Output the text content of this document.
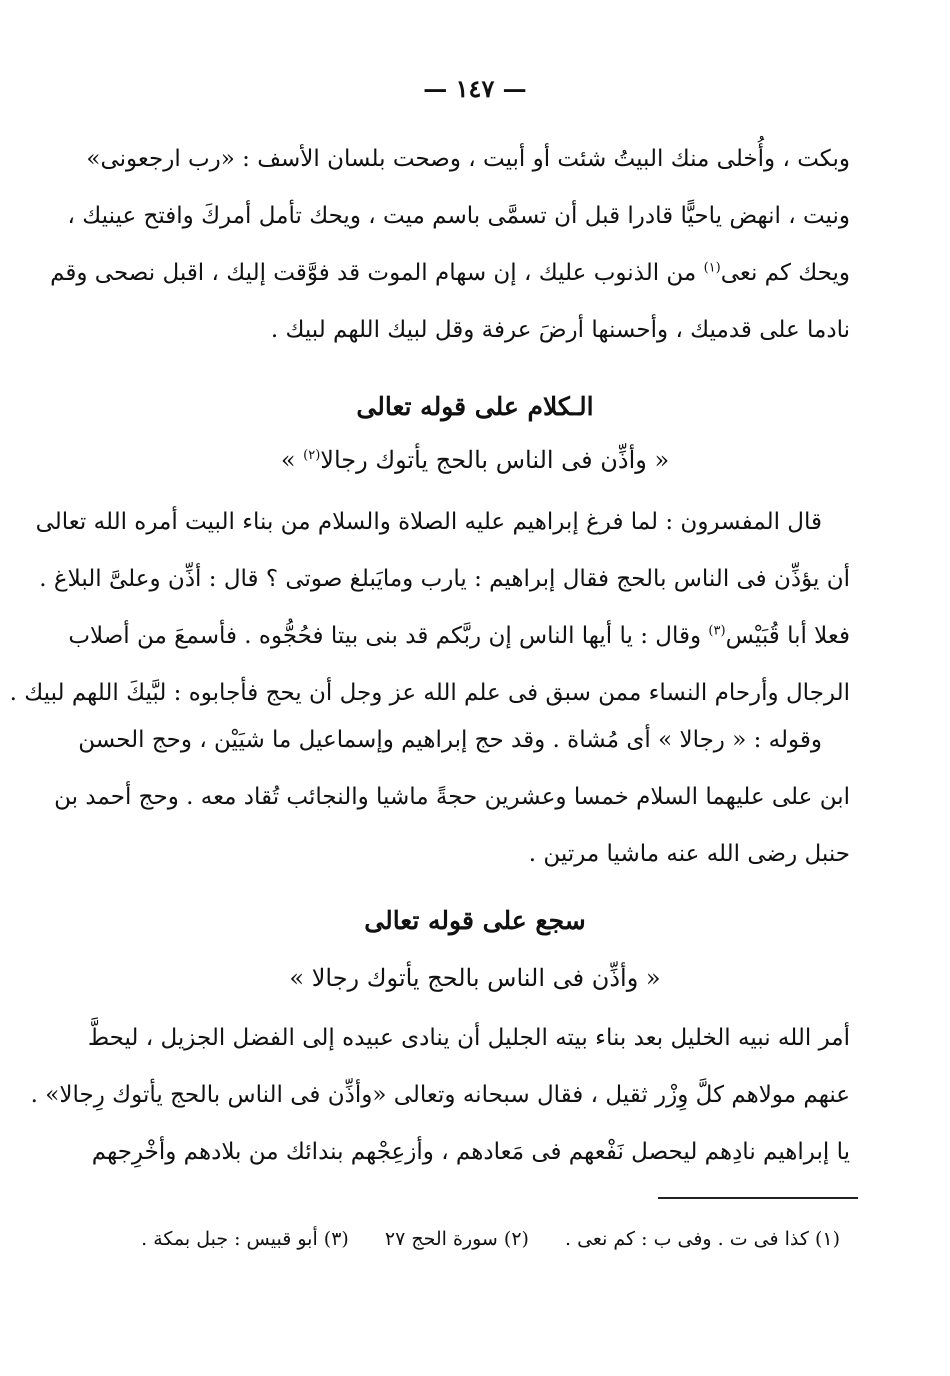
— ١٤٧ —
وبكت ، وأُخلى منك البيتُ شئت أو أبيت ، وصحت بلسان الأسف : «رب ارجعونى»
ونيت ، انهض ياحيًّا قادرا قبل أن تسمَّى باسم ميت ، ويحك تأمل أمركَ وافتح عينيك ،
ويحك كم نعى$^{(١)}$ من الذنوب عليك ، إن سهام الموت قد فوَّقت إليك ، اقبل نصحى وقم
نادما على قدميك ، وأحسنها أرضَ عرفة وقل لبيك اللهم لبيك .
الـكلام على قوله تعالى
« وأذِّن فى الناس بالحج يأتوك رجالا$^{(٢)}$ »
قال المفسرون : لما فرغ إبراهيم عليه الصلاة والسلام من بناء البيت أمره الله تعالى
أن يؤذِّن فى الناس بالحج فقال إبراهيم : يارب ومايَبلغ صوتى ؟ قال : أذِّن وعلىَّ البلاغ .
فعلا أبا قُبَيْس$^{(٣)}$ وقال : يا أيها الناس إن ربَّكم قد بنى بيتا فحُجُّوه . فأسمعَ من أصلاب
الرجال وأرحام النساء ممن سبق فى علم الله عز وجل أن يحج فأجابوه : لبَّيكَ اللهم لبيك .
وقوله : « رجالا » أى مُشاة . وقد حج إبراهيم وإسماعيل ما شيَيْن ، وحج الحسن
ابن على عليهما السلام خمسا وعشرين حجةً ماشيا والنجائب تُقاد معه . وحج أحمد بن
حنبل رضى الله عنه ماشيا مرتين .
سجع على قوله تعالى
« وأذِّن فى الناس بالحج يأتوك رجالا »
أمر الله نبيه الخليل بعد بناء بيته الجليل أن ينادى عبيده إلى الفضل الجزيل ، ليحطَّ
عنهم مولاهم كلَّ وِزْر ثقيل ، فقال سبحانه وتعالى «وأذِّن فى الناس بالحج يأتوك رِجالا» .
يا إبراهيم نادِهم ليحصل نَفْعهم فى مَعادهم ، وأزعِجْهم بندائك من بلادهم وأخْرِجهم
(١) كذا فى ت . وفى ب : كم نعى . (٢) سورة الحج ٢٧ (٣) أبو قبيس : جبل بمكة .
